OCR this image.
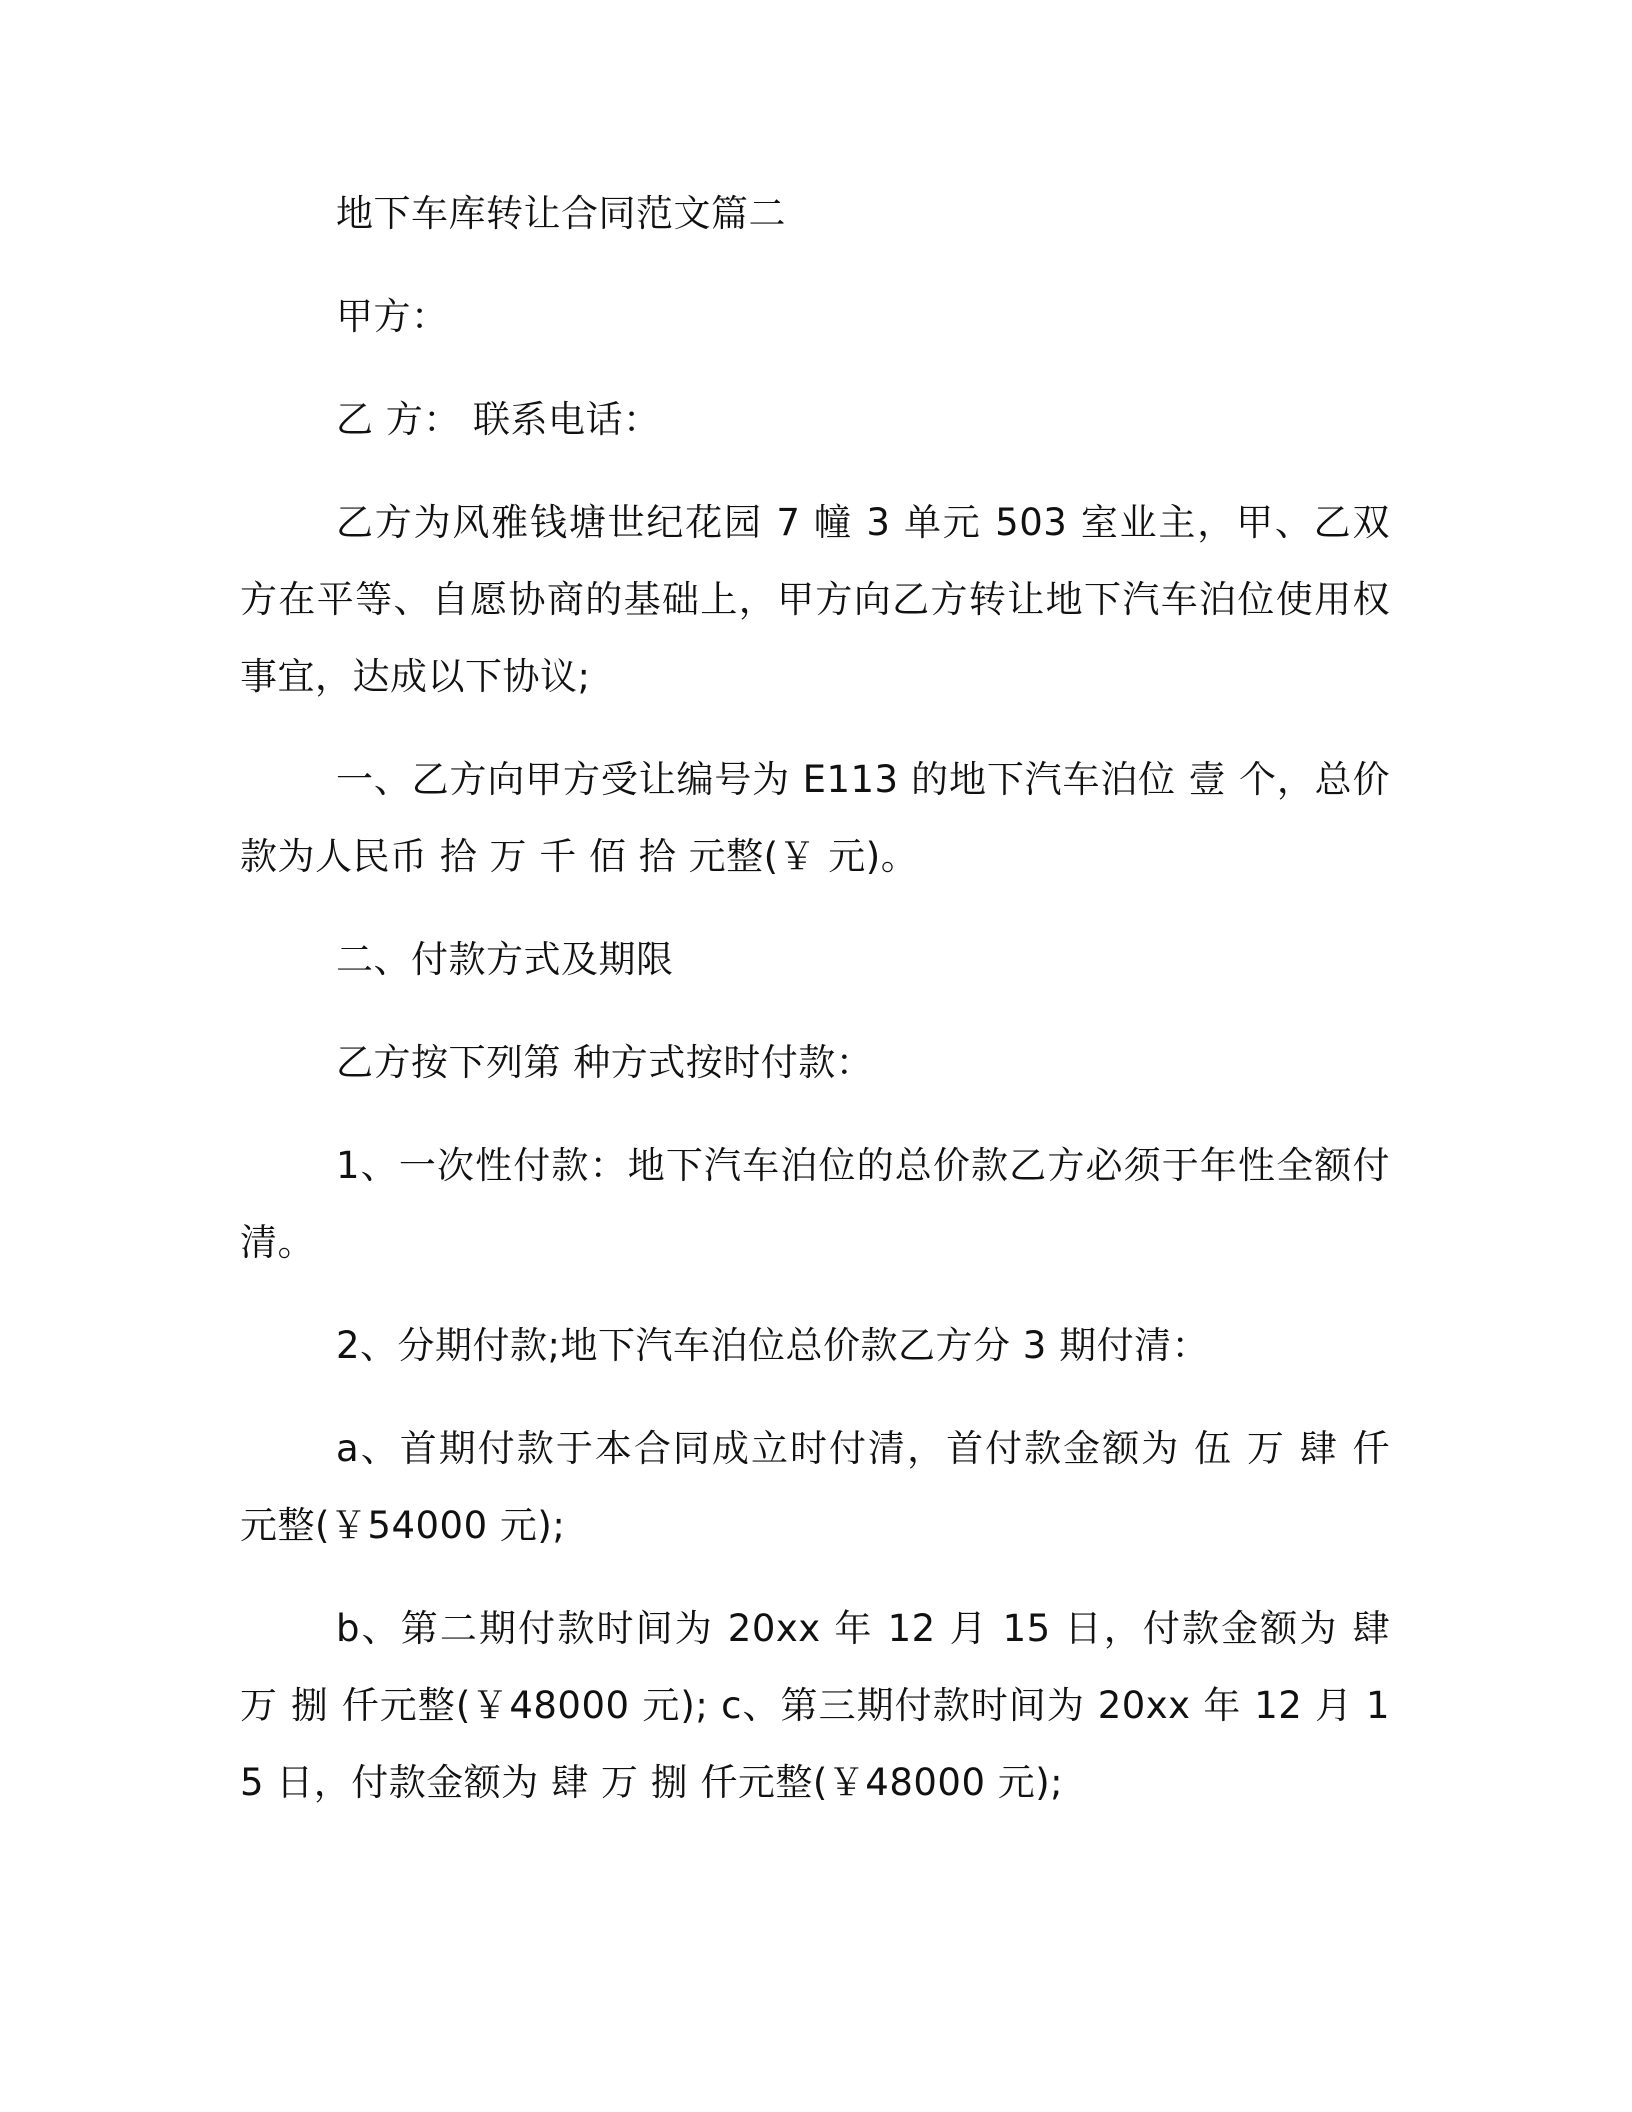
地下车库转让合同范文篇二

甲方：

乙 方： 联系电话：

乙方为风雅钱塘世纪花园 7 幢 3 单元 503 室业主，甲、乙双方在平等、自愿协商的基础上，甲方向乙方转让地下汽车泊位使用权事宜，达成以下协议;

一、乙方向甲方受让编号为 E113 的地下汽车泊位 壹 个，总价款为人民币 拾 万 千 佰 拾 元整(￥ 元)。

二、付款方式及期限

乙方按下列第 种方式按时付款：

1、一次性付款：地下汽车泊位的总价款乙方必须于年性全额付清。

2、分期付款;地下汽车泊位总价款乙方分 3 期付清：

a、首期付款于本合同成立时付清，首付款金额为 伍 万 肆 仟 元整(￥54000 元);

b、第二期付款时间为 20xx 年 12 月 15 日，付款金额为 肆 万 捌 仟元整(￥48000 元); c、第三期付款时间为 20xx 年 12 月 15 日，付款金额为 肆 万 捌 仟元整(￥48000 元);
